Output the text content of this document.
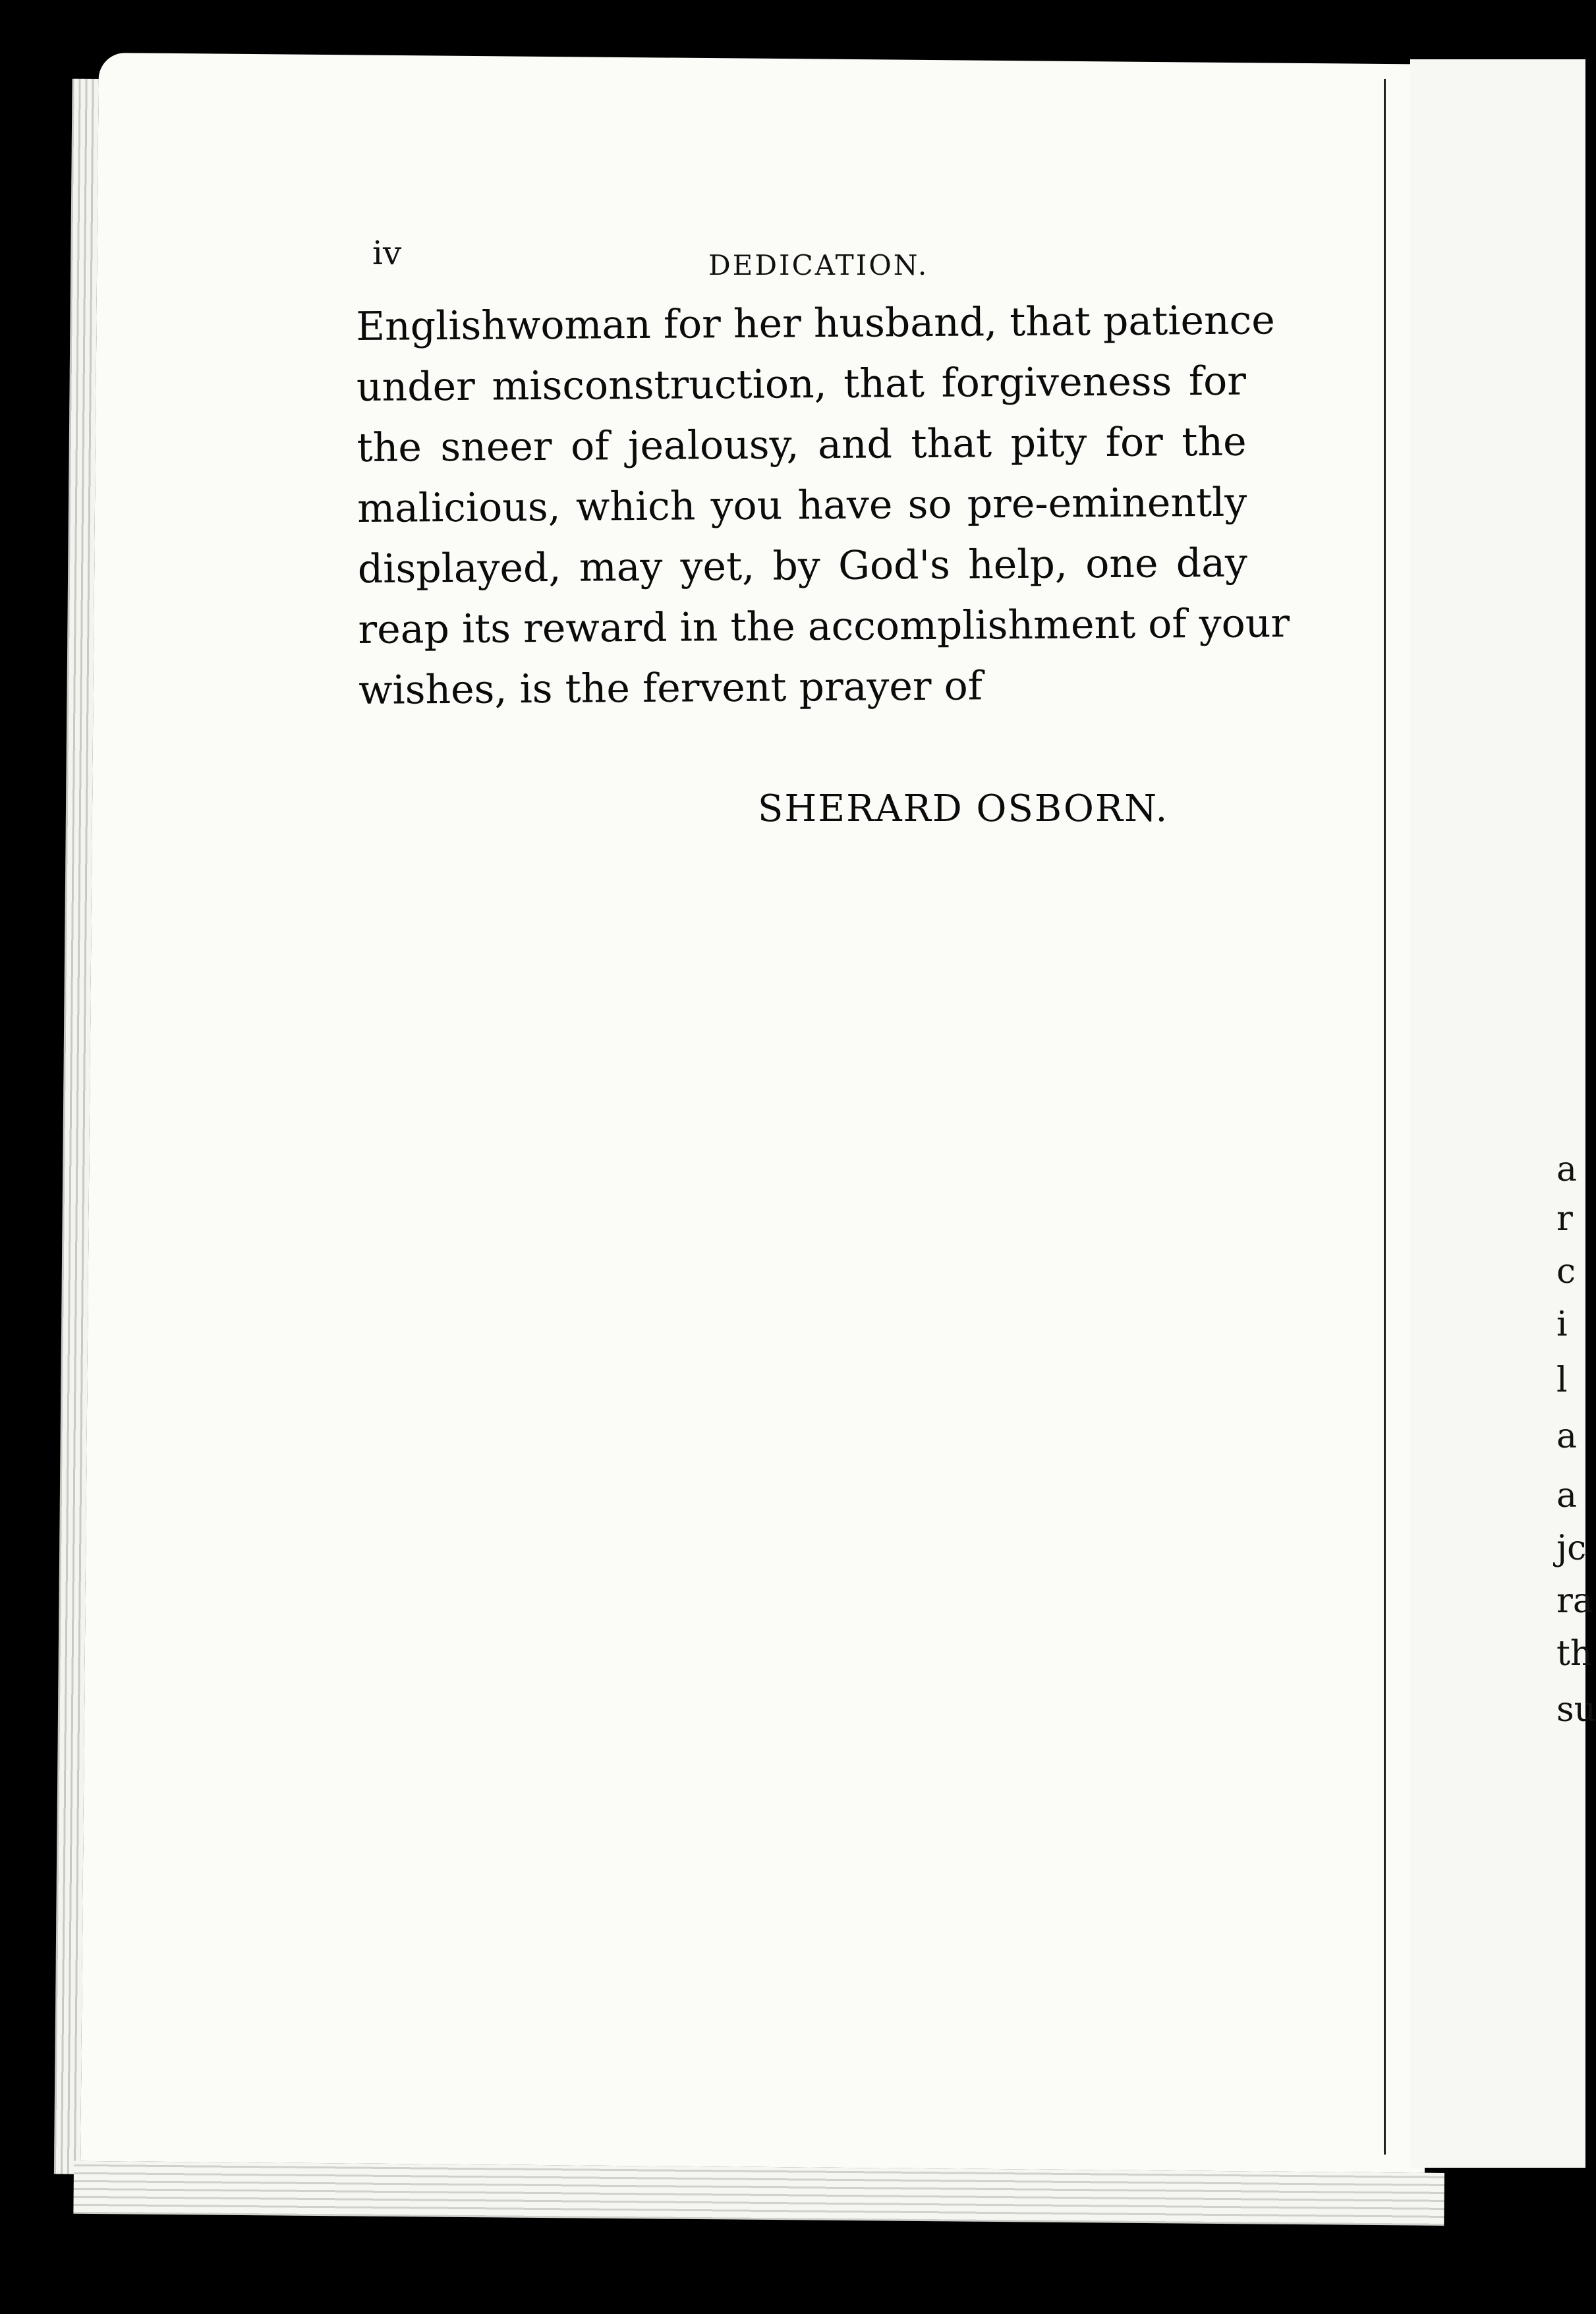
iv	DEDICATION.

Englishwoman for her husband, that patience
under misconstruction, that forgiveness for
the sneer of jealousy, and that pity for the
malicious, which you have so pre-eminently
displayed, may yet, by God's help, one day
reap its reward in the accomplishment of your
wishes, is the fervent prayer of

SHERARD OSBORN.

a
r
c
i
l
a
a
jc
ra
th
su
